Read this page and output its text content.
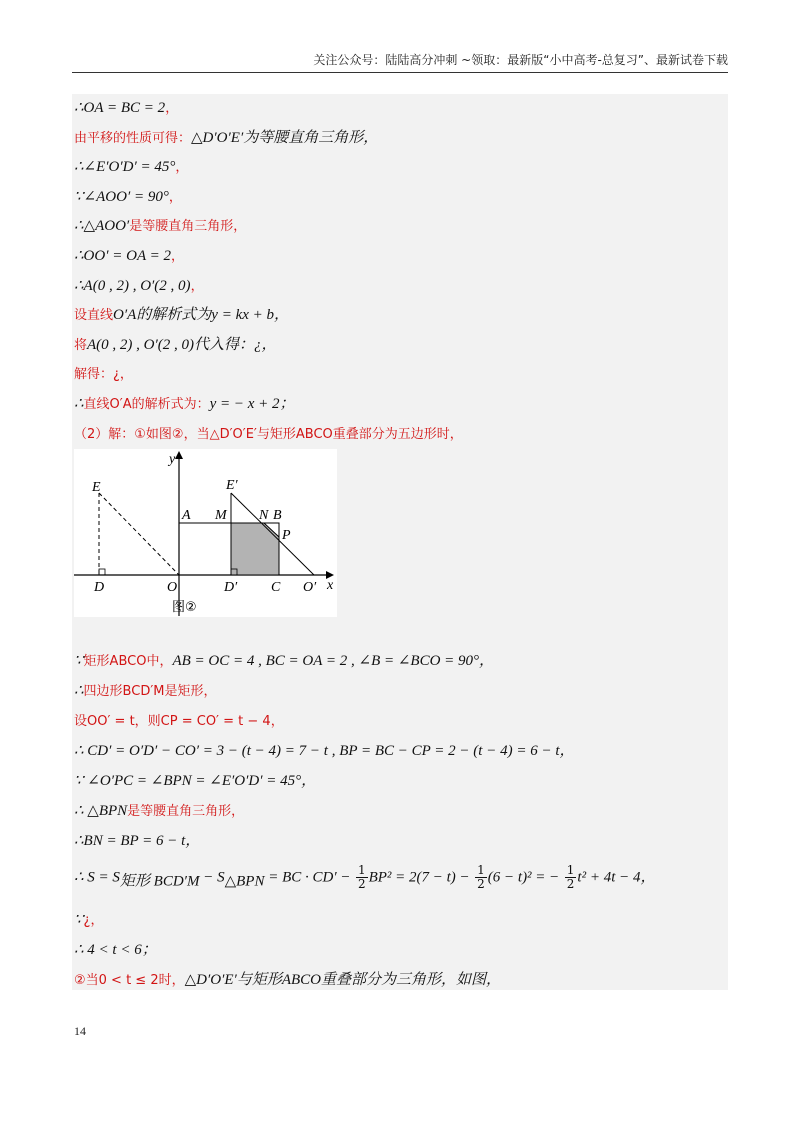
关注公众号：陆陆高分冲刺 ~领取：最新版“小中高考-总复习”、最新试卷下载
∴OA = BC = 2，
由平移的性质可得：△D′O′E′为等腰直角三角形，
∴∠E′O′D′ = 45°，
∵∠AOO′ = 90°，
∴△AOO′是等腰直角三角形，
∴OO′ = OA = 2，
∴A(0 , 2) , O′(2 , 0)，
设直线O′A的解析式为y = kx + b，
将A(0 , 2) , O′(2 , 0)代入得：¿，
解得：¿，
∴直线O′A的解析式为：y = − x + 2；
（2）解：①如图②，当△D′O′E′与矩形ABCO重叠部分为五边形时，
y
x
E
D	O
A M
E′
N B
P
D′ C O′
图②
∵矩形ABCO中，AB = OC = 4 , BC = OA = 2 , ∠B = ∠BCO = 90°，
∴四边形BCD′M是矩形，
设OO′ = t，则CP = CO′ = t − 4，
∴ CD′ = O′D′ − CO′ = 3 − (t − 4) = 7 − t , BP = BC − CP = 2 − (t − 4) = 6 − t，
∵ ∠O′PC = ∠BPN = ∠E′O′D′ = 45°，
∴ △BPN是等腰直角三角形，
∴BN = BP = 6 − t，
∴ $S = S_{矩形 BCD'M} - S_{\triangle BPN}$ = BC · $CD' - \frac{1}{2} BP^2 = 2(7 - t) - \frac{1}{2} (6 - t)^2$ = − $\frac{1}{2} t^2 + 4t - 4$，
∵¿，
∴ 4 < t < 6；
②当0 < t ≤ 2时，△D′O′E′与矩形ABCO重叠部分为三角形，如图，
14
